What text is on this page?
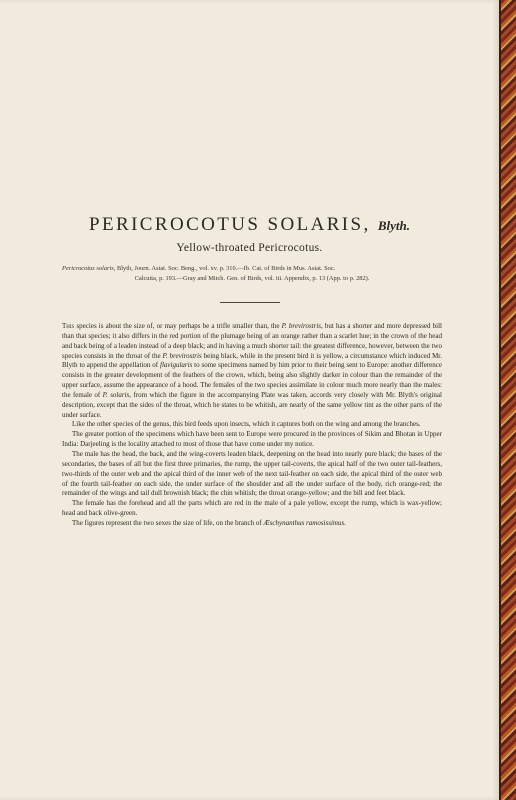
PERICROCOTUS SOLARIS, Blyth.
Yellow-throated Pericrocotus.
Pericrocotus solaris, Blyth, Journ. Asiat. Soc. Beng., vol. xv. p. 310.—Ib. Cat. of Birds in Mus. Asiat. Soc.
Calcutta, p. 193.—Gray and Mitch. Gen. of Birds, vol. iii. Appendix, p. 13 (App. to p. 282).

This species is about the size of, or may perhaps be a trifle smaller than, the P. brevirostris, but has a shorter and more depressed bill than that species; it also differs in the red portion of the plumage being of an orange rather than a scarlet hue; in the crown of the head and back being of a leaden instead of a deep black; and in having a much shorter tail: the greatest difference, however, between the two species consists in the throat of the P. brevirostris being black, while in the present bird it is yellow, a circumstance which induced Mr. Blyth to append the appellation of flavigularis to some specimens named by him prior to their being sent to Europe: another difference consists in the greater development of the feathers of the crown, which, being also slightly darker in colour than the remainder of the upper surface, assume the appearance of a hood. The females of the two species assimilate in colour much more nearly than the males: the female of P. solaris, from which the figure in the accompanying Plate was taken, accords very closely with Mr. Blyth's original description, except that the sides of the throat, which he states to be whitish, are nearly of the same yellow tint as the other parts of the under surface.

Like the other species of the genus, this bird feeds upon insects, which it captures both on the wing and among the branches.

The greater portion of the specimens which have been sent to Europe were procured in the provinces of Sikim and Bhotan in Upper India: Darjeeling is the locality attached to most of those that have come under my notice.

The male has the head, the back, and the wing-coverts leaden black, deepening on the head into nearly pure black; the bases of the secondaries, the bases of all but the first three primaries, the rump, the upper tail-coverts, the apical half of the two outer tail-feathers, two-thirds of the outer web and the apical third of the inner web of the next tail-feather on each side, the apical third of the outer web of the fourth tail-feather on each side, the under surface of the shoulder and all the under surface of the body, rich orange-red; the remainder of the wings and tail dull brownish black; the chin whitish; the throat orange-yellow; and the bill and feet black.

The female has the forehead and all the parts which are red in the male of a pale yellow, except the rump, which is wax-yellow; head and back olive-green.

The figures represent the two sexes the size of life, on the branch of Æschynanthus ramosissimus.
